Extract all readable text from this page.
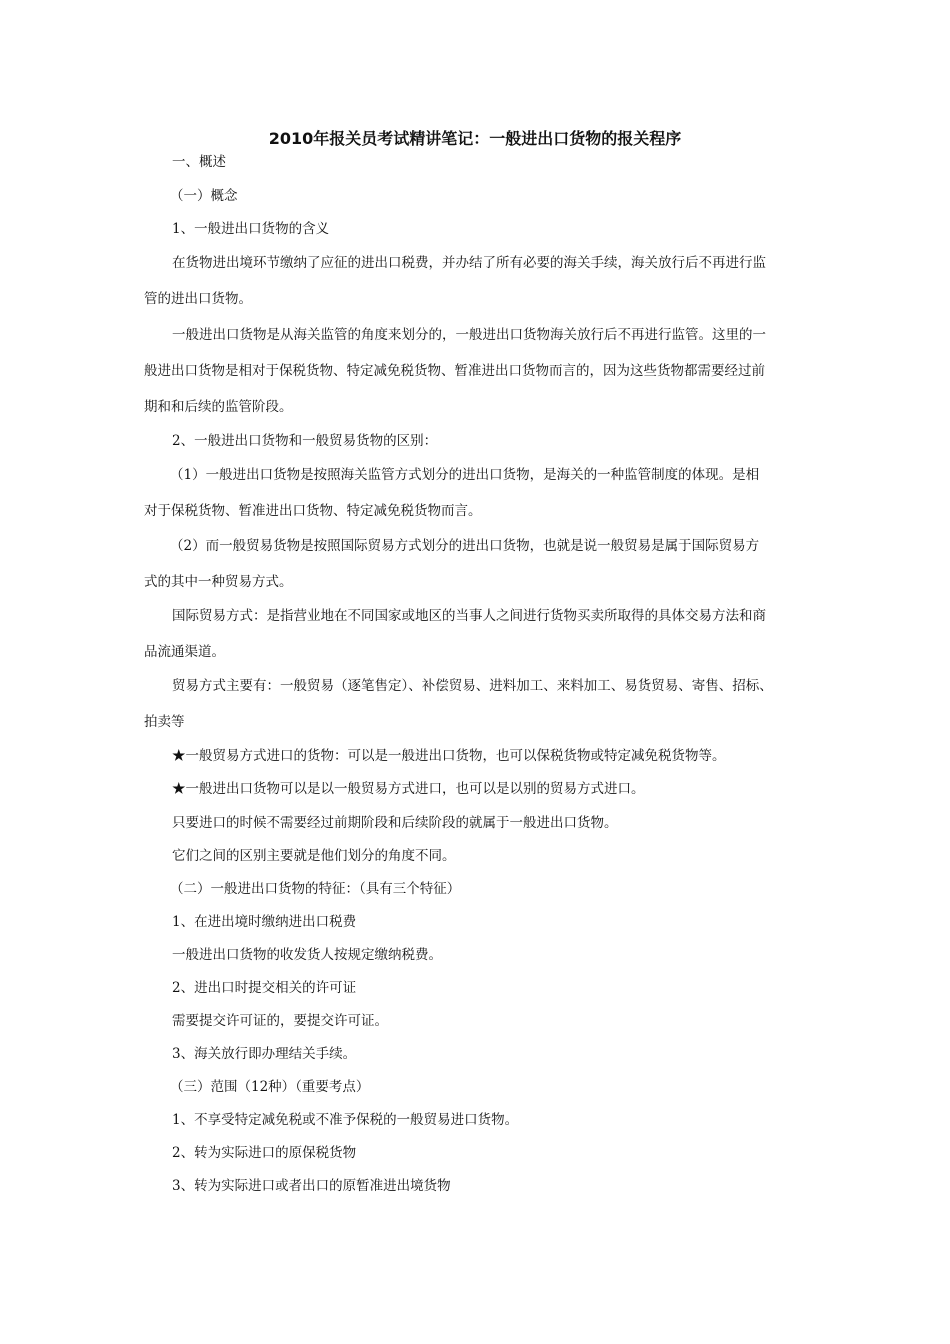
2010年报关员考试精讲笔记：一般进出口货物的报关程序
一、概述
（一）概念
1、一般进出口货物的含义
在货物进出境环节缴纳了应征的进出口税费，并办结了所有必要的海关手续，海关放行后不再进行监
管的进出口货物。
一般进出口货物是从海关监管的角度来划分的，一般进出口货物海关放行后不再进行监管。这里的一
般进出口货物是相对于保税货物、特定减免税货物、暂准进出口货物而言的，因为这些货物都需要经过前
期和和后续的监管阶段。
2、一般进出口货物和一般贸易货物的区别：
（1）一般进出口货物是按照海关监管方式划分的进出口货物，是海关的一种监管制度的体现。是相
对于保税货物、暂准进出口货物、特定减免税货物而言。
（2）而一般贸易货物是按照国际贸易方式划分的进出口货物，也就是说一般贸易是属于国际贸易方
式的其中一种贸易方式。
国际贸易方式：是指营业地在不同国家或地区的当事人之间进行货物买卖所取得的具体交易方法和商
品流通渠道。
贸易方式主要有：一般贸易（逐笔售定）、补偿贸易、进料加工、来料加工、易货贸易、寄售、招标、
拍卖等
★一般贸易方式进口的货物：可以是一般进出口货物，也可以保税货物或特定减免税货物等。
★一般进出口货物可以是以一般贸易方式进口，也可以是以别的贸易方式进口。
只要进口的时候不需要经过前期阶段和后续阶段的就属于一般进出口货物。
它们之间的区别主要就是他们划分的角度不同。
（二）一般进出口货物的特征：（具有三个特征）
1、在进出境时缴纳进出口税费
一般进出口货物的收发货人按规定缴纳税费。
2、进出口时提交相关的许可证
需要提交许可证的，要提交许可证。
3、海关放行即办理结关手续。
（三）范围（12种）（重要考点）
1、不享受特定减免税或不准予保税的一般贸易进口货物。
2、转为实际进口的原保税货物
3、转为实际进口或者出口的原暂准进出境货物
